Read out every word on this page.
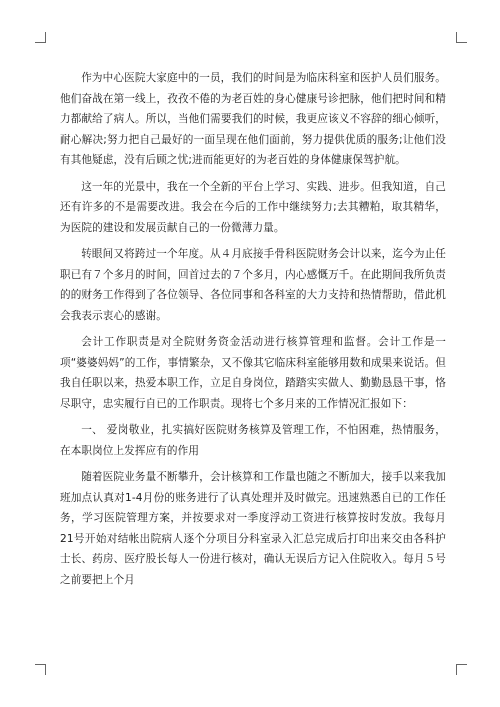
作为中心医院大家庭中的一员，我们的时间是为临床科室和医护人员们服务。他们奋战在第一线上，孜孜不倦的为老百姓的身心健康号诊把脉，他们把时间和精力都献给了病人。所以，当他们需要我们的时候，我更应该义不容辞的细心倾听，耐心解决;努力把自己最好的一面呈现在他们面前，努力提供优质的服务;让他们没有其他疑虑，没有后顾之忧;进而能更好的为老百姓的身体健康保驾护航。

这一年的光景中，我在一个全新的平台上学习、实践、进步。但我知道，自己还有许多的不是需要改进。我会在今后的工作中继续努力;去其糟粕，取其精华，为医院的建设和发展贡献自己的一份微薄力量。

转眼间又将跨过一个年度。从４月底接手骨科医院财务会计以来，迄今为止任职已有７个多月的时间，回首过去的７个多月，内心感慨万千。在此期间我所负责的的财务工作得到了各位领导、各位同事和各科室的大力支持和热情帮助，借此机会我表示衷心的感谢。

会计工作职责是对全院财务资金活动进行核算管理和监督。会计工作是一项“婆婆妈妈”的工作，事情繁杂，又不像其它临床科室能够用数和成果来说话。但我自任职以来，热爱本职工作，立足自身岗位，踏踏实实做人、勤勤恳恳干事，恪尽职守，忠实履行自已的工作职责。现将七个多月来的工作情况汇报如下：

一、 爱岗敬业，扎实搞好医院财务核算及管理工作，不怕困难，热情服务，在本职岗位上发挥应有的作用

随着医院业务量不断攀升，会计核算和工作量也随之不断加大，接手以来我加班加点认真对1-4月份的账务进行了认真处理并及时做完。迅速熟悉自已的工作任务，学习医院管理方案，并按要求对一季度浮动工资进行核算按时发放。我每月21号开始对结帐出院病人逐个分项目分科室录入汇总完成后打印出来交由各科护士长、药房、医疗股长每人一份进行核对，确认无误后方记入住院收入。每月５号之前要把上个月
